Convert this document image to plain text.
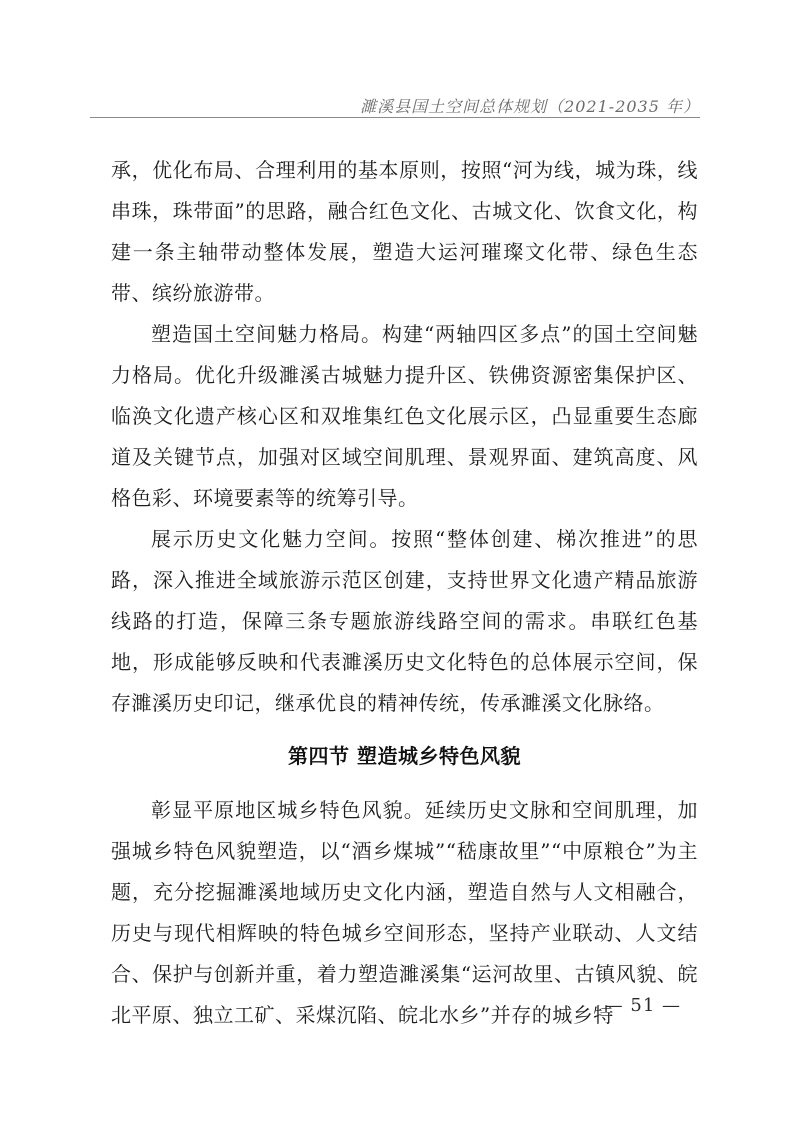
濉溪县国土空间总体规划（2021-2035 年）

承，优化布局、合理利用的基本原则，按照“河为线，城为珠，线串珠，珠带面”的思路，融合红色文化、古城文化、饮食文化，构建一条主轴带动整体发展，塑造大运河璀璨文化带、绿色生态带、缤纷旅游带。

塑造国土空间魅力格局。构建“两轴四区多点”的国土空间魅力格局。优化升级濉溪古城魅力提升区、铁佛资源密集保护区、临涣文化遗产核心区和双堆集红色文化展示区，凸显重要生态廊道及关键节点，加强对区域空间肌理、景观界面、建筑高度、风格色彩、环境要素等的统筹引导。

展示历史文化魅力空间。按照“整体创建、梯次推进”的思路，深入推进全域旅游示范区创建，支持世界文化遗产精品旅游线路的打造，保障三条专题旅游线路空间的需求。串联红色基地，形成能够反映和代表濉溪历史文化特色的总体展示空间，保存濉溪历史印记，继承优良的精神传统，传承濉溪文化脉络。

第四节 塑造城乡特色风貌

彰显平原地区城乡特色风貌。延续历史文脉和空间肌理，加强城乡特色风貌塑造，以“酒乡煤城”“嵇康故里”“中原粮仓”为主题，充分挖掘濉溪地域历史文化内涵，塑造自然与人文相融合，历史与现代相辉映的特色城乡空间形态，坚持产业联动、人文结合、保护与创新并重，着力塑造濉溪集“运河故里、古镇风貌、皖北平原、独立工矿、采煤沉陷、皖北水乡”并存的城乡特

— 51 —
